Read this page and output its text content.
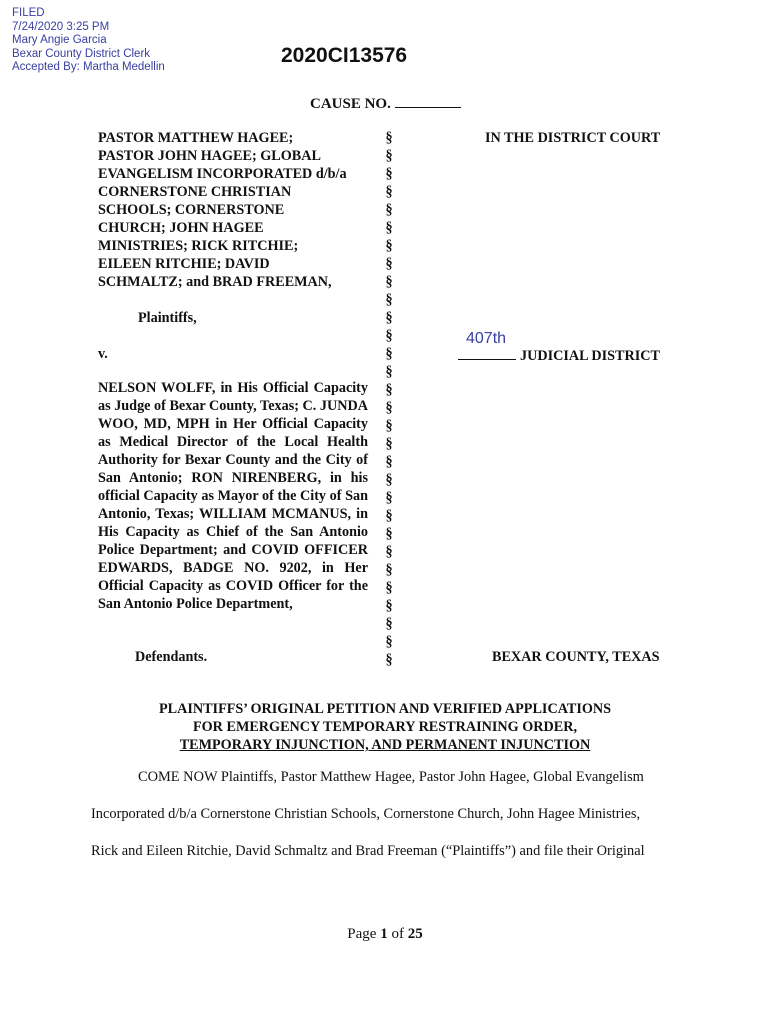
FILED
7/24/2020 3:25 PM
Mary Angie Garcia
Bexar County District Clerk
Accepted By: Martha Medellin
2020CI13576
CAUSE NO.
PASTOR MATTHEW HAGEE;
PASTOR JOHN HAGEE; GLOBAL
EVANGELISM INCORPORATED d/b/a
CORNERSTONE CHRISTIAN
SCHOOLS; CORNERSTONE
CHURCH; JOHN HAGEE
MINISTRIES; RICK RITCHIE;
EILEEN RITCHIE; DAVID
SCHMALTZ; and BRAD FREEMAN,
Plaintiffs,
v.
NELSON WOLFF, in His Official Capacity as Judge of Bexar County, Texas; C. JUNDA WOO, MD, MPH in Her Official Capacity as Medical Director of the Local Health Authority for Bexar County and the City of San Antonio; RON NIRENBERG, in his official Capacity as Mayor of the City of San Antonio, Texas; WILLIAM MCMANUS, in His Capacity as Chief of the San Antonio Police Department; and COVID OFFICER EDWARDS, BADGE NO. 9202, in Her Official Capacity as COVID Officer for the San Antonio Police Department,
Defendants.
§
§
§
§
§
§
§
§
§
§
§
§
§
§
§
§
§
§
§
§
§
§
§
§
§
§
§
§
§
§
IN THE DISTRICT COURT
407th
JUDICIAL DISTRICT
BEXAR COUNTY, TEXAS
PLAINTIFFS’ ORIGINAL PETITION AND VERIFIED APPLICATIONS
FOR EMERGENCY TEMPORARY RESTRAINING ORDER,
TEMPORARY INJUNCTION, AND PERMANENT INJUNCTION
COME NOW Plaintiffs, Pastor Matthew Hagee, Pastor John Hagee, Global Evangelism
Incorporated d/b/a Cornerstone Christian Schools, Cornerstone Church, John Hagee Ministries,
Rick and Eileen Ritchie, David Schmaltz and Brad Freeman (“Plaintiffs”) and file their Original
Page 1 of 25
